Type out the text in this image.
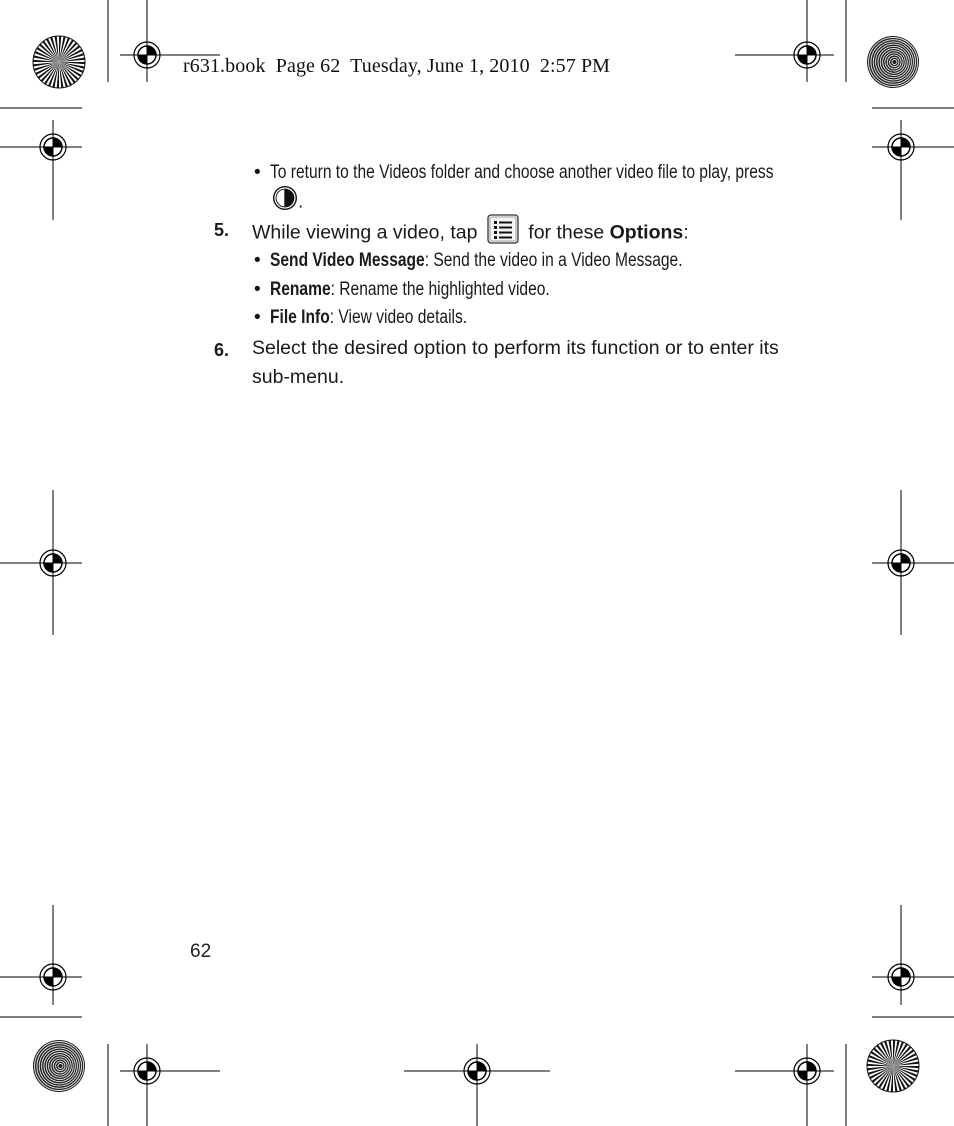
r631.book  Page 62  Tuesday, June 1, 2010  2:57 PM
• To return to the Videos folder and choose another video file to play, press
.
5. While viewing a video, tap	for these Options:
• Send Video Message: Send the video in a Video Message.
• Rename: Rename the highlighted video.
• File Info: View video details.
6. Select the desired option to perform its function or to enter its
sub-menu.
62
